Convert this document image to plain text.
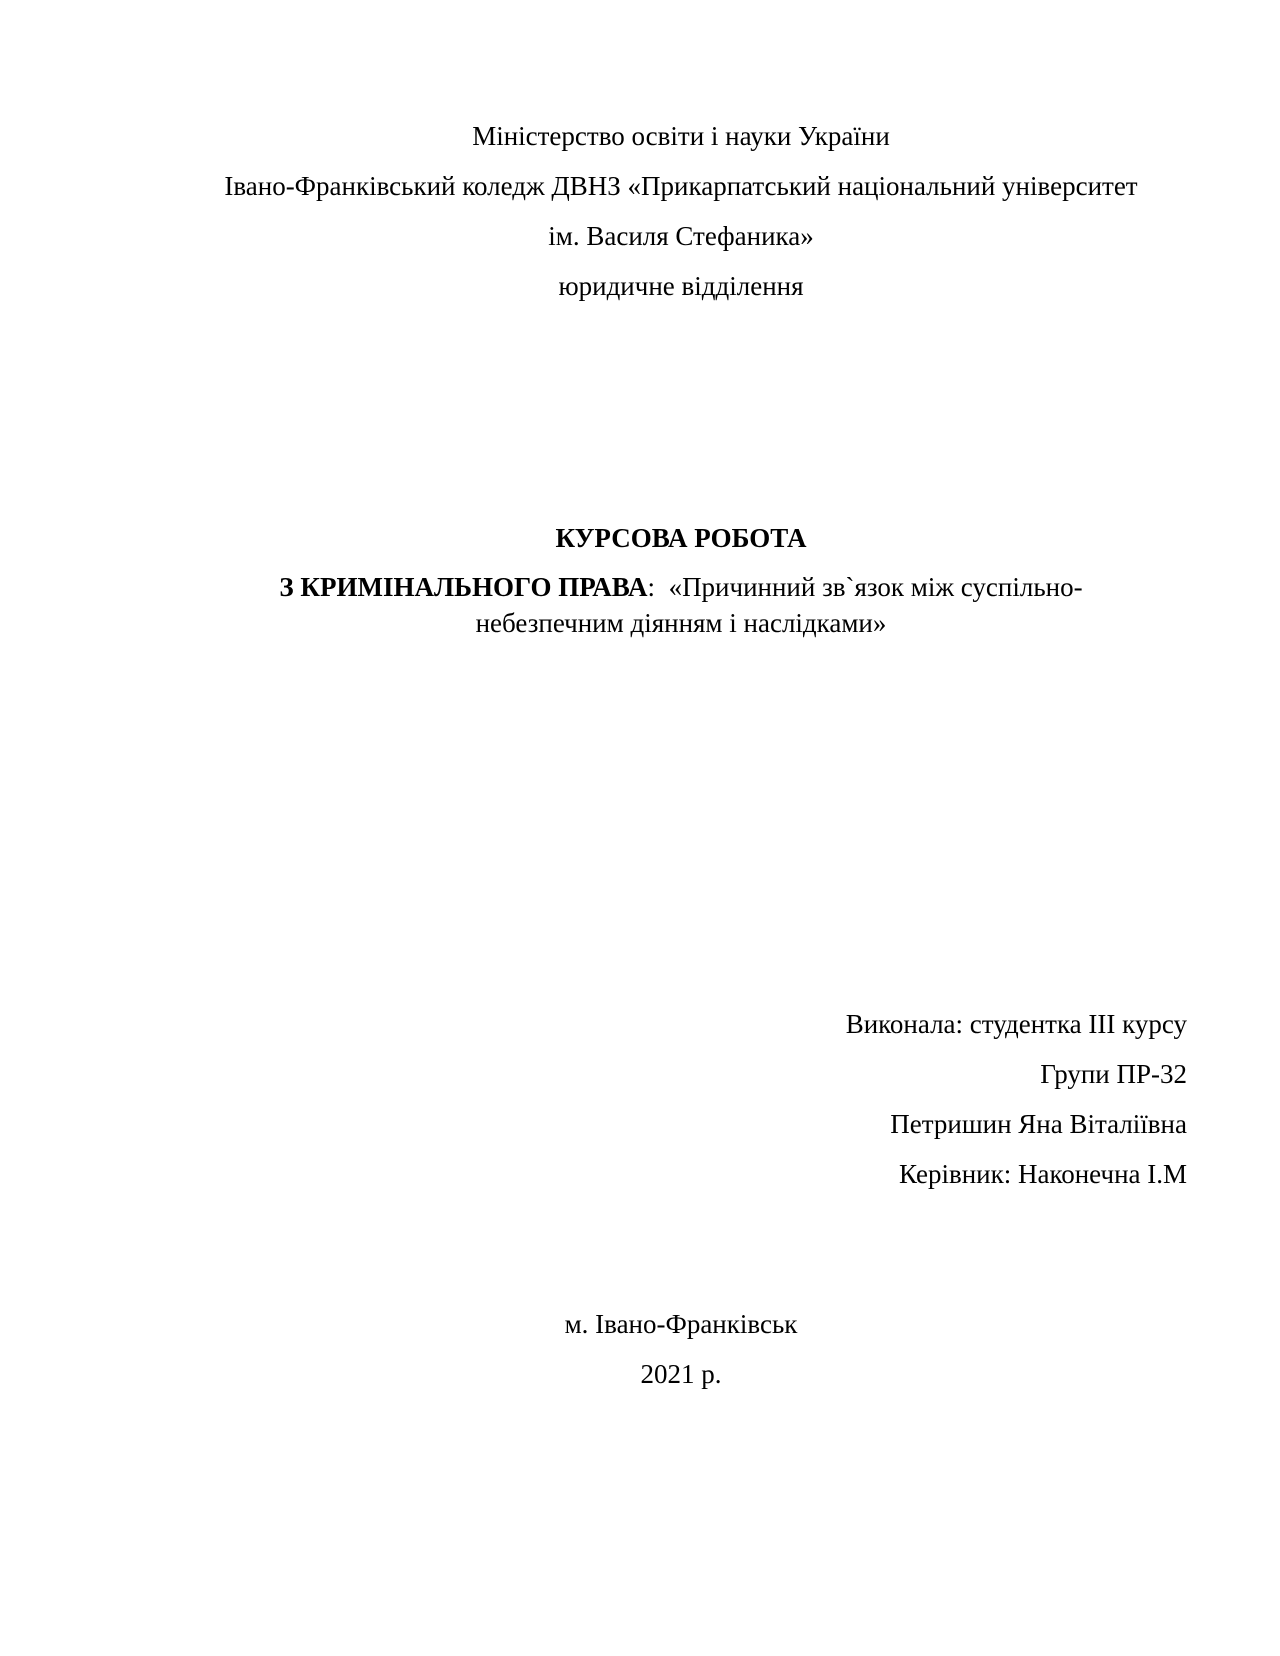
Міністерство освіти і науки України
Івано-Франківський коледж ДВНЗ «Прикарпатський національний університет
ім. Василя Стефаника»
юридичне відділення
КУРСОВА РОБОТА
З КРИМІНАЛЬНОГО ПРАВА: «Причинний зв`язок між суспільно-
небезпечним діянням і наслідками»
Виконала: студентка III курсу
Групи ПР-32
Петришин Яна Віталіївна
Керівник: Наконечна І.М
м. Івано-Франківськ
2021 р.
